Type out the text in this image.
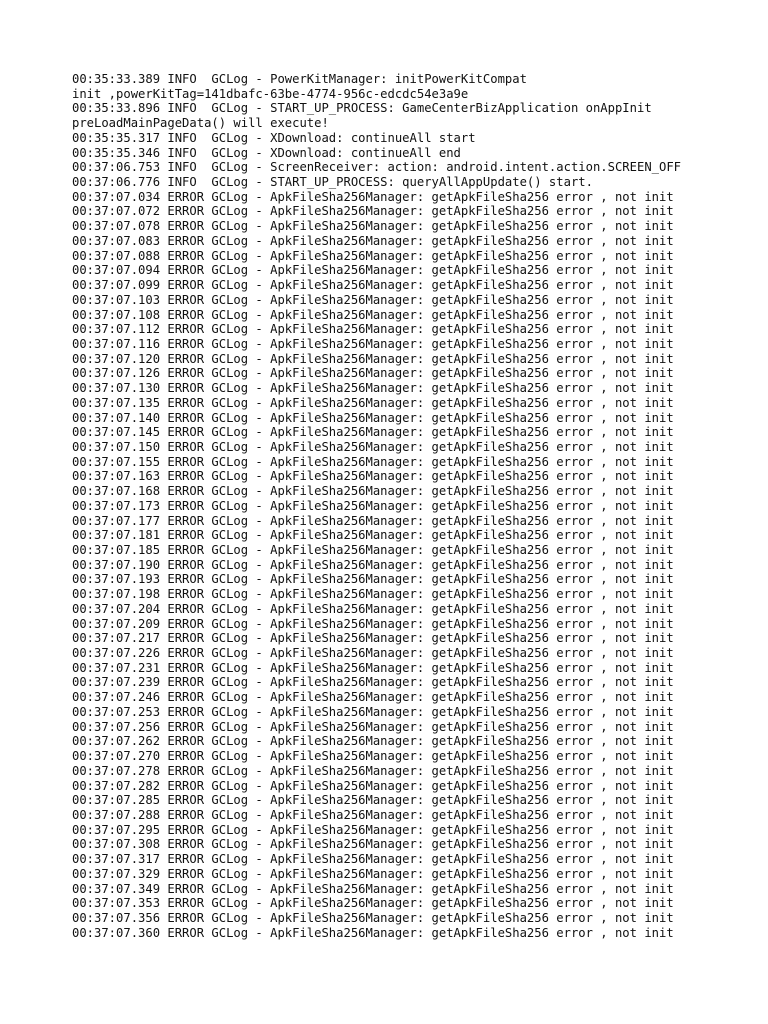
00:35:33.389 INFO  GCLog - PowerKitManager: initPowerKitCompat
init ,powerKitTag=141dbafc-63be-4774-956c-edcdc54e3a9e
00:35:33.896 INFO  GCLog - START_UP_PROCESS: GameCenterBizApplication onAppInit
preLoadMainPageData() will execute!
00:35:35.317 INFO  GCLog - XDownload: continueAll start
00:35:35.346 INFO  GCLog - XDownload: continueAll end
00:37:06.753 INFO  GCLog - ScreenReceiver: action: android.intent.action.SCREEN_OFF
00:37:06.776 INFO  GCLog - START_UP_PROCESS: queryAllAppUpdate() start.
00:37:07.034 ERROR GCLog - ApkFileSha256Manager: getApkFileSha256 error , not init
00:37:07.072 ERROR GCLog - ApkFileSha256Manager: getApkFileSha256 error , not init
00:37:07.078 ERROR GCLog - ApkFileSha256Manager: getApkFileSha256 error , not init
00:37:07.083 ERROR GCLog - ApkFileSha256Manager: getApkFileSha256 error , not init
00:37:07.088 ERROR GCLog - ApkFileSha256Manager: getApkFileSha256 error , not init
00:37:07.094 ERROR GCLog - ApkFileSha256Manager: getApkFileSha256 error , not init
00:37:07.099 ERROR GCLog - ApkFileSha256Manager: getApkFileSha256 error , not init
00:37:07.103 ERROR GCLog - ApkFileSha256Manager: getApkFileSha256 error , not init
00:37:07.108 ERROR GCLog - ApkFileSha256Manager: getApkFileSha256 error , not init
00:37:07.112 ERROR GCLog - ApkFileSha256Manager: getApkFileSha256 error , not init
00:37:07.116 ERROR GCLog - ApkFileSha256Manager: getApkFileSha256 error , not init
00:37:07.120 ERROR GCLog - ApkFileSha256Manager: getApkFileSha256 error , not init
00:37:07.126 ERROR GCLog - ApkFileSha256Manager: getApkFileSha256 error , not init
00:37:07.130 ERROR GCLog - ApkFileSha256Manager: getApkFileSha256 error , not init
00:37:07.135 ERROR GCLog - ApkFileSha256Manager: getApkFileSha256 error , not init
00:37:07.140 ERROR GCLog - ApkFileSha256Manager: getApkFileSha256 error , not init
00:37:07.145 ERROR GCLog - ApkFileSha256Manager: getApkFileSha256 error , not init
00:37:07.150 ERROR GCLog - ApkFileSha256Manager: getApkFileSha256 error , not init
00:37:07.155 ERROR GCLog - ApkFileSha256Manager: getApkFileSha256 error , not init
00:37:07.163 ERROR GCLog - ApkFileSha256Manager: getApkFileSha256 error , not init
00:37:07.168 ERROR GCLog - ApkFileSha256Manager: getApkFileSha256 error , not init
00:37:07.173 ERROR GCLog - ApkFileSha256Manager: getApkFileSha256 error , not init
00:37:07.177 ERROR GCLog - ApkFileSha256Manager: getApkFileSha256 error , not init
00:37:07.181 ERROR GCLog - ApkFileSha256Manager: getApkFileSha256 error , not init
00:37:07.185 ERROR GCLog - ApkFileSha256Manager: getApkFileSha256 error , not init
00:37:07.190 ERROR GCLog - ApkFileSha256Manager: getApkFileSha256 error , not init
00:37:07.193 ERROR GCLog - ApkFileSha256Manager: getApkFileSha256 error , not init
00:37:07.198 ERROR GCLog - ApkFileSha256Manager: getApkFileSha256 error , not init
00:37:07.204 ERROR GCLog - ApkFileSha256Manager: getApkFileSha256 error , not init
00:37:07.209 ERROR GCLog - ApkFileSha256Manager: getApkFileSha256 error , not init
00:37:07.217 ERROR GCLog - ApkFileSha256Manager: getApkFileSha256 error , not init
00:37:07.226 ERROR GCLog - ApkFileSha256Manager: getApkFileSha256 error , not init
00:37:07.231 ERROR GCLog - ApkFileSha256Manager: getApkFileSha256 error , not init
00:37:07.239 ERROR GCLog - ApkFileSha256Manager: getApkFileSha256 error , not init
00:37:07.246 ERROR GCLog - ApkFileSha256Manager: getApkFileSha256 error , not init
00:37:07.253 ERROR GCLog - ApkFileSha256Manager: getApkFileSha256 error , not init
00:37:07.256 ERROR GCLog - ApkFileSha256Manager: getApkFileSha256 error , not init
00:37:07.262 ERROR GCLog - ApkFileSha256Manager: getApkFileSha256 error , not init
00:37:07.270 ERROR GCLog - ApkFileSha256Manager: getApkFileSha256 error , not init
00:37:07.278 ERROR GCLog - ApkFileSha256Manager: getApkFileSha256 error , not init
00:37:07.282 ERROR GCLog - ApkFileSha256Manager: getApkFileSha256 error , not init
00:37:07.285 ERROR GCLog - ApkFileSha256Manager: getApkFileSha256 error , not init
00:37:07.288 ERROR GCLog - ApkFileSha256Manager: getApkFileSha256 error , not init
00:37:07.295 ERROR GCLog - ApkFileSha256Manager: getApkFileSha256 error , not init
00:37:07.308 ERROR GCLog - ApkFileSha256Manager: getApkFileSha256 error , not init
00:37:07.317 ERROR GCLog - ApkFileSha256Manager: getApkFileSha256 error , not init
00:37:07.329 ERROR GCLog - ApkFileSha256Manager: getApkFileSha256 error , not init
00:37:07.349 ERROR GCLog - ApkFileSha256Manager: getApkFileSha256 error , not init
00:37:07.353 ERROR GCLog - ApkFileSha256Manager: getApkFileSha256 error , not init
00:37:07.356 ERROR GCLog - ApkFileSha256Manager: getApkFileSha256 error , not init
00:37:07.360 ERROR GCLog - ApkFileSha256Manager: getApkFileSha256 error , not init
